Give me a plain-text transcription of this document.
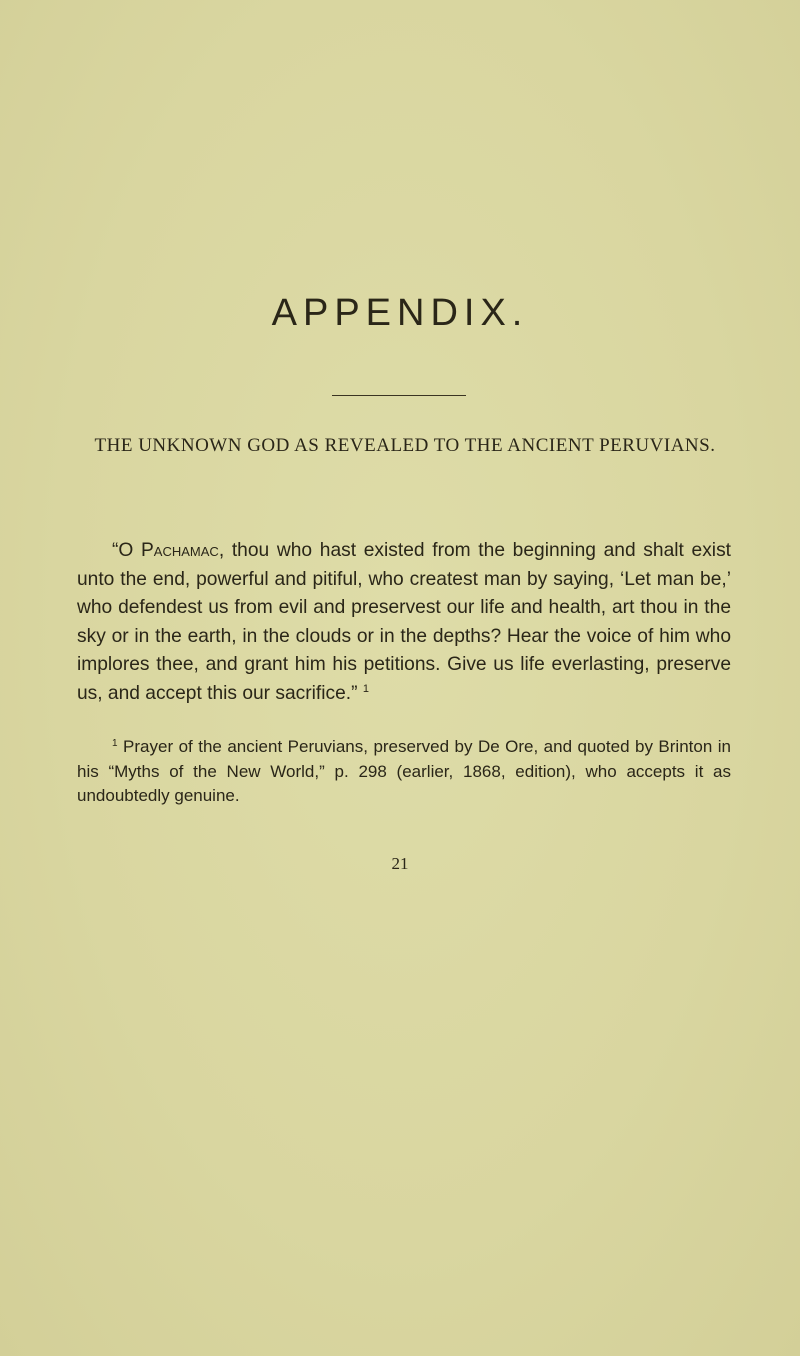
APPENDIX.

THE UNKNOWN GOD AS REVEALED TO THE ANCIENT PERUVIANS.

“O Pachamac, thou who hast existed from the beginning and shalt exist unto the end, powerful and pitiful, who createst man by saying, ‘Let man be,’ who defendest us from evil and preservest our life and health, art thou in the sky or in the earth, in the clouds or in the depths? Hear the voice of him who implores thee, and grant him his petitions. Give us life everlasting, preserve us, and accept this our sacrifice.” $^1$

$^1$ Prayer of the ancient Peruvians, preserved by De Ore, and quoted by Brinton in his “Myths of the New World,” p. 298 (earlier, 1868, edition), who accepts it as undoubtedly genuine.

21
